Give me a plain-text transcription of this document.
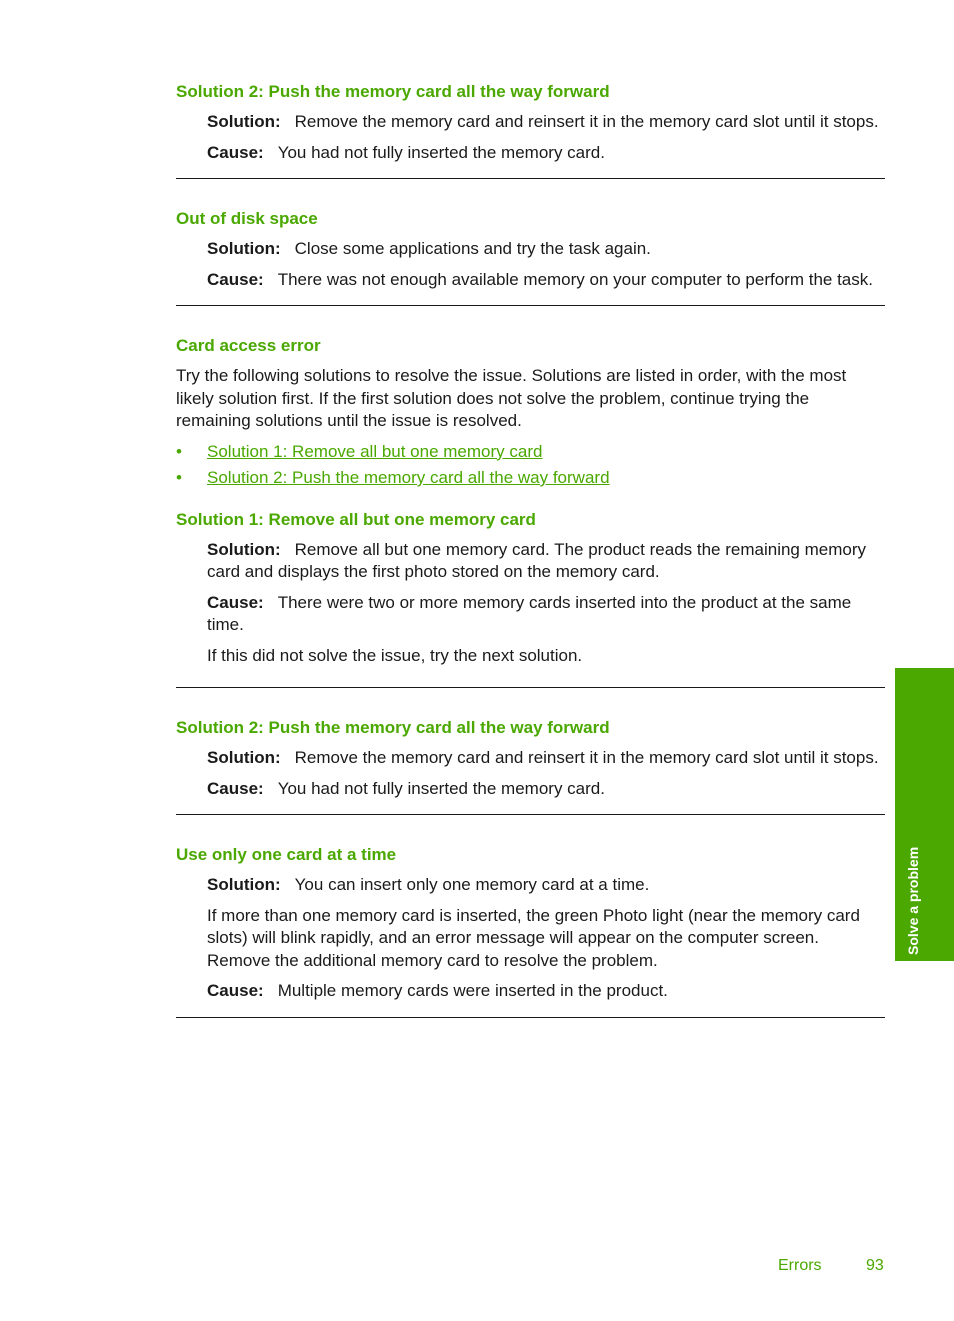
Solution 2: Push the memory card all the way forward

Solution: Remove the memory card and reinsert it in the memory card slot until it stops.

Cause: You had not fully inserted the memory card.

Out of disk space

Solution: Close some applications and try the task again.

Cause: There was not enough available memory on your computer to perform the task.

Card access error

Try the following solutions to resolve the issue. Solutions are listed in order, with the most likely solution first. If the first solution does not solve the problem, continue trying the remaining solutions until the issue is resolved.

• Solution 1: Remove all but one memory card
• Solution 2: Push the memory card all the way forward
Solution 1: Remove all but one memory card

Solution: Remove all but one memory card. The product reads the remaining memory card and displays the first photo stored on the memory card.

Cause: There were two or more memory cards inserted into the product at the same time.

If this did not solve the issue, try the next solution.

Solution 2: Push the memory card all the way forward

Solution: Remove the memory card and reinsert it in the memory card slot until it stops.

Cause: You had not fully inserted the memory card.

Use only one card at a time

Solution: You can insert only one memory card at a time.

If more than one memory card is inserted, the green Photo light (near the memory card slots) will blink rapidly, and an error message will appear on the computer screen. Remove the additional memory card to resolve the problem.

Cause: Multiple memory cards were inserted in the product.

Solve a problem
Errors	93
